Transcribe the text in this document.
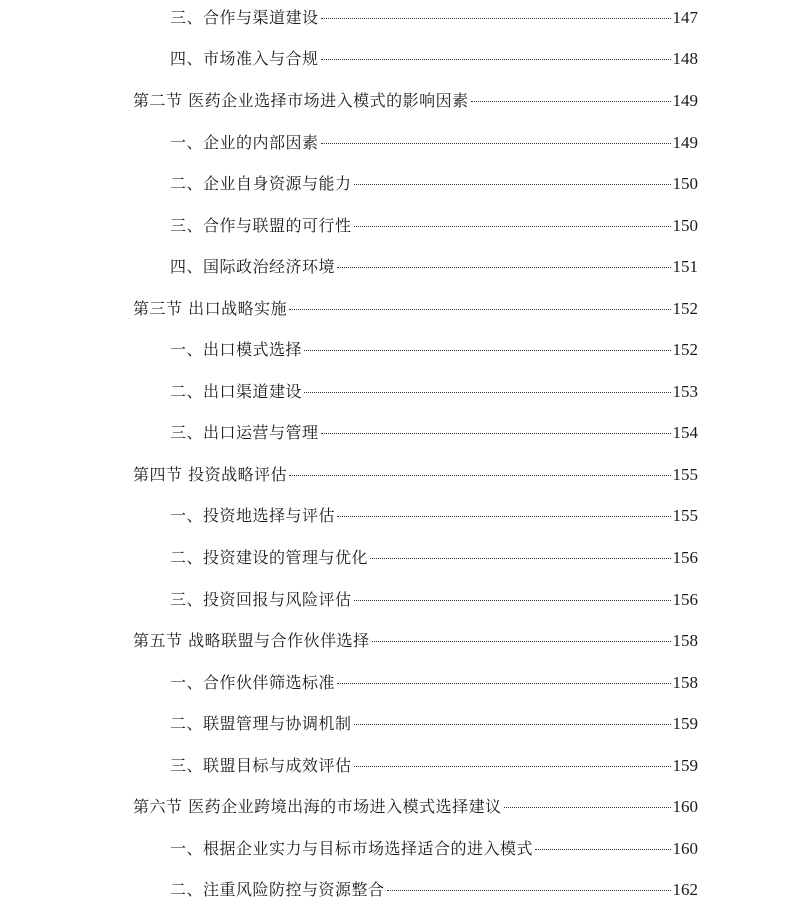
三、合作与渠道建设	147
四、市场准入与合规	148
第二节 医药企业选择市场进入模式的影响因素	149
一、企业的内部因素	149
二、企业自身资源与能力	150
三、合作与联盟的可行性	150
四、国际政治经济环境	151
第三节 出口战略实施	152
一、出口模式选择	152
二、出口渠道建设	153
三、出口运营与管理	154
第四节 投资战略评估	155
一、投资地选择与评估	155
二、投资建设的管理与优化	156
三、投资回报与风险评估	156
第五节 战略联盟与合作伙伴选择	158
一、合作伙伴筛选标准	158
二、联盟管理与协调机制	159
三、联盟目标与成效评估	159
第六节 医药企业跨境出海的市场进入模式选择建议	160
一、根据企业实力与目标市场选择适合的进入模式	160
二、注重风险防控与资源整合	162
